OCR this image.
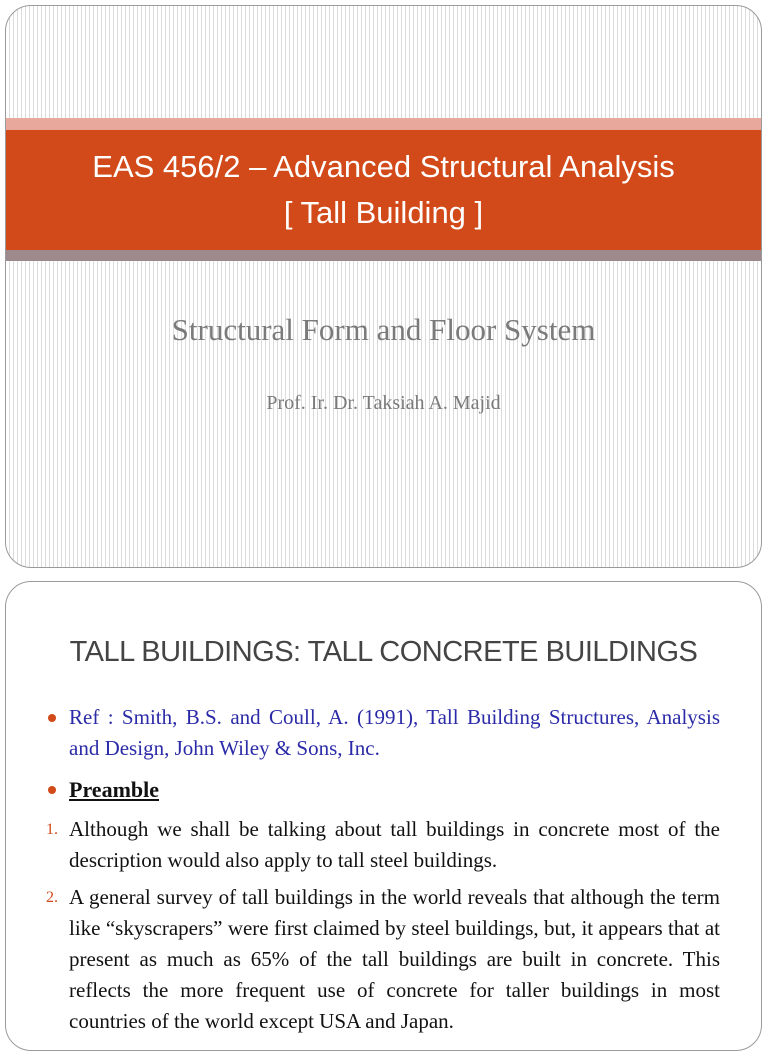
EAS 456/2 – Advanced Structural Analysis
[ Tall Building ]
Structural Form and Floor System
Prof. Ir. Dr. Taksiah A. Majid
TALL BUILDINGS: TALL CONCRETE BUILDINGS
Ref : Smith, B.S. and Coull, A. (1991), Tall Building Structures, Analysis and Design, John Wiley & Sons, Inc.
Preamble
1. Although we shall be talking about tall buildings in concrete most of the description would also apply to tall steel buildings.
2. A general survey of tall buildings in the world reveals that although the term like “skyscrapers” were first claimed by steel buildings, but, it appears that at present as much as 65% of the tall buildings are built in concrete. This reflects the more frequent use of concrete for taller buildings in most countries of the world except USA and Japan.
